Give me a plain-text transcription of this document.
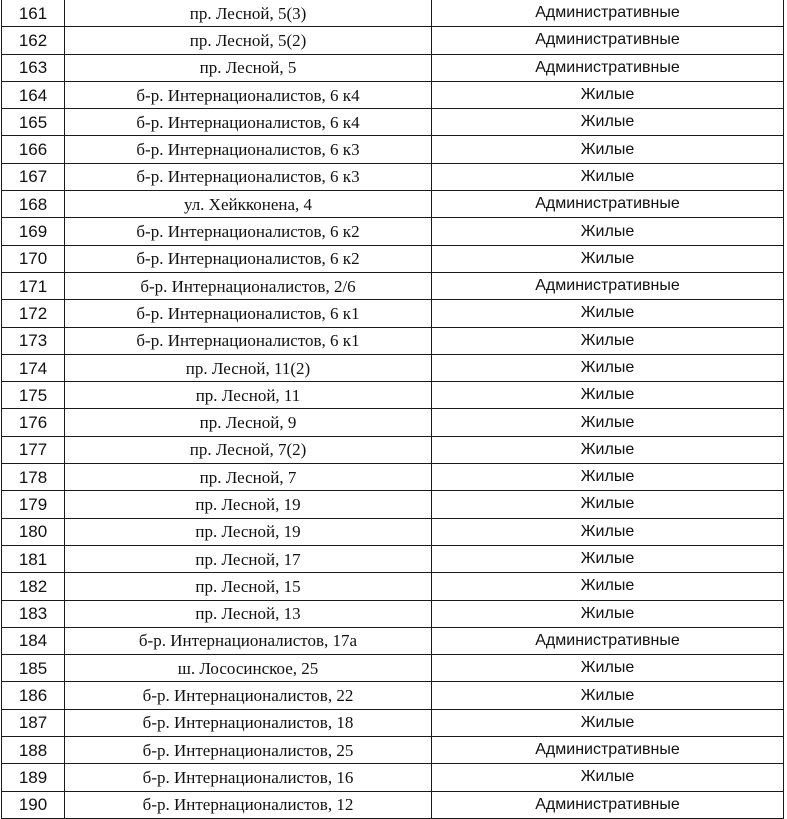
161	пр. Лесной, 5(3)	Административные
162	пр. Лесной, 5(2)	Административные
163	пр. Лесной, 5	Административные
164	б-р. Интернационалистов, 6 к4	Жилые
165	б-р. Интернационалистов, 6 к4	Жилые
166	б-р. Интернационалистов, 6 к3	Жилые
167	б-р. Интернационалистов, 6 к3	Жилые
168	ул. Хейкконена, 4	Административные
169	б-р. Интернационалистов, 6 к2	Жилые
170	б-р. Интернационалистов, 6 к2	Жилые
171	б-р. Интернационалистов, 2/6	Административные
172	б-р. Интернационалистов, 6 к1	Жилые
173	б-р. Интернационалистов, 6 к1	Жилые
174	пр. Лесной, 11(2)	Жилые
175	пр. Лесной, 11	Жилые
176	пр. Лесной, 9	Жилые
177	пр. Лесной, 7(2)	Жилые
178	пр. Лесной, 7	Жилые
179	пр. Лесной, 19	Жилые
180	пр. Лесной, 19	Жилые
181	пр. Лесной, 17	Жилые
182	пр. Лесной, 15	Жилые
183	пр. Лесной, 13	Жилые
184	б-р. Интернационалистов, 17а	Административные
185	ш. Лососинское, 25	Жилые
186	б-р. Интернационалистов, 22	Жилые
187	б-р. Интернационалистов, 18	Жилые
188	б-р. Интернационалистов, 25	Административные
189	б-р. Интернационалистов, 16	Жилые
190	б-р. Интернационалистов, 12	Административные
